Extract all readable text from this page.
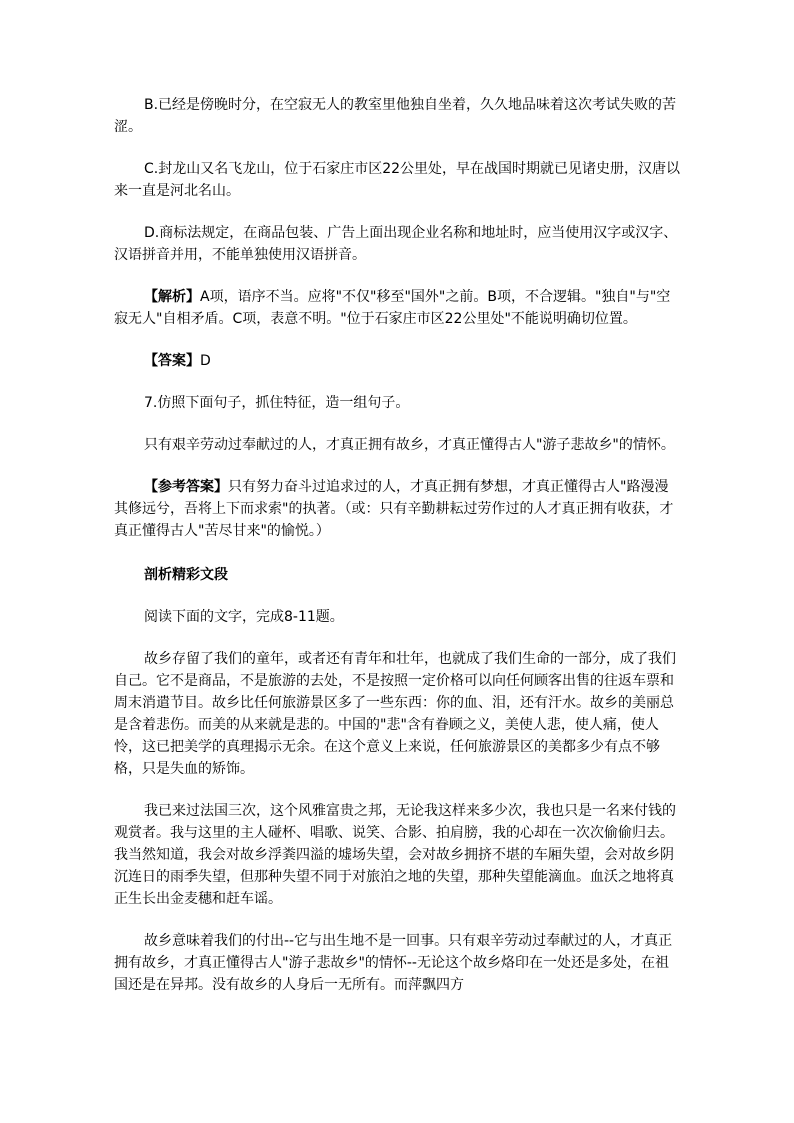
B.已经是傍晚时分，在空寂无人的教室里他独自坐着，久久地品味着这次考试失败的苦涩。

C.封龙山又名飞龙山，位于石家庄市区22公里处，早在战国时期就已见诸史册，汉唐以来一直是河北名山。

D.商标法规定，在商品包装、广告上面出现企业名称和地址时，应当使用汉字或汉字、汉语拼音并用，不能单独使用汉语拼音。

【解析】A项，语序不当。应将"不仅"移至"国外"之前。B项，不合逻辑。"独自"与"空寂无人"自相矛盾。C项，表意不明。"位于石家庄市区22公里处"不能说明确切位置。

【答案】D

7.仿照下面句子，抓住特征，造一组句子。

只有艰辛劳动过奉献过的人，才真正拥有故乡，才真正懂得古人"游子悲故乡"的情怀。

【参考答案】只有努力奋斗过追求过的人，才真正拥有梦想，才真正懂得古人"路漫漫其修远兮，吾将上下而求索"的执著。（或：只有辛勤耕耘过劳作过的人才真正拥有收获，才真正懂得古人"苦尽甘来"的愉悦。）

剖析精彩文段

阅读下面的文字，完成8-11题。

故乡存留了我们的童年，或者还有青年和壮年，也就成了我们生命的一部分，成了我们自己。它不是商品，不是旅游的去处，不是按照一定价格可以向任何顾客出售的往返车票和周末消遣节目。故乡比任何旅游景区多了一些东西：你的血、泪，还有汗水。故乡的美丽总是含着悲伤。而美的从来就是悲的。中国的"悲"含有眷顾之义，美使人悲，使人痛，使人怜，这已把美学的真理揭示无余。在这个意义上来说，任何旅游景区的美都多少有点不够格，只是失血的矫饰。

我已来过法国三次，这个风雅富贵之邦，无论我这样来多少次，我也只是一名来付钱的观赏者。我与这里的主人碰杯、唱歌、说笑、合影、拍肩膀，我的心却在一次次偷偷归去。我当然知道，我会对故乡浮粪四溢的墟场失望，会对故乡拥挤不堪的车厢失望，会对故乡阴沉连日的雨季失望，但那种失望不同于对旅泊之地的失望，那种失望能滴血。血沃之地将真正生长出金麦穗和赶车谣。

故乡意味着我们的付出--它与出生地不是一回事。只有艰辛劳动过奉献过的人，才真正拥有故乡，才真正懂得古人"游子悲故乡"的情怀--无论这个故乡烙印在一处还是多处，在祖国还是在异邦。没有故乡的人身后一无所有。而萍飘四方
